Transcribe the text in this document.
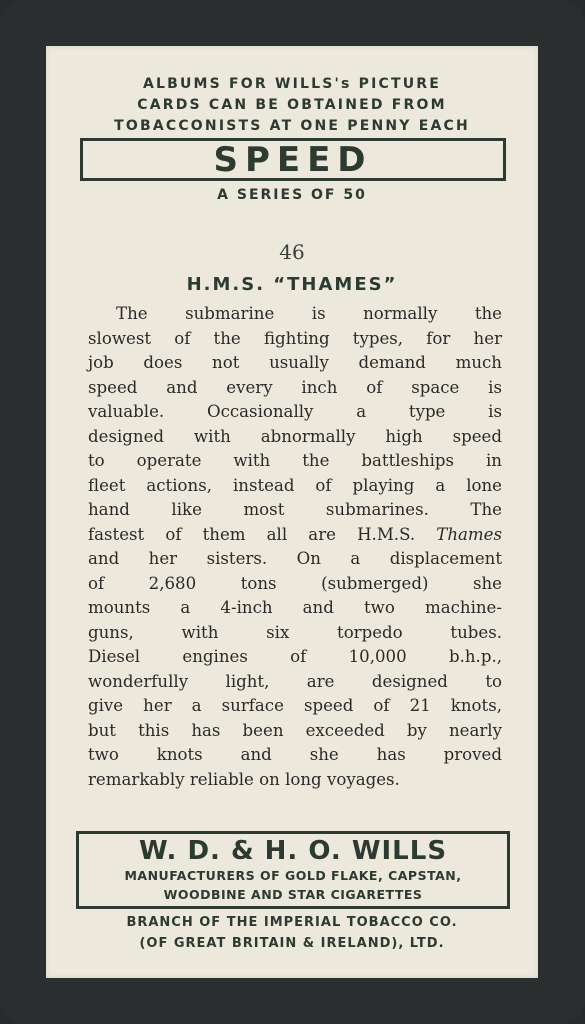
ALBUMS FOR WILLS's PICTURE
CARDS CAN BE OBTAINED FROM
TOBACCONISTS AT ONE PENNY EACH
SPEED
A SERIES OF 50
46
H.M.S. “THAMES”
The submarine is normally the
slowest of the fighting types, for her
job does not usually demand much
speed and every inch of space is
valuable. Occasionally a type is
designed with abnormally high speed
to operate with the battleships in
fleet actions, instead of playing a lone
hand like most submarines. The
fastest of them all are H.M.S. Thames
and her sisters. On a displacement
of 2,680 tons (submerged) she
mounts a 4-inch and two machine-
guns, with six torpedo tubes.
Diesel engines of 10,000 b.h.p.,
wonderfully light, are designed to
give her a surface speed of 21 knots,
but this has been exceeded by nearly
two knots and she has proved
remarkably reliable on long voyages.
W. D. & H. O. WILLS
MANUFACTURERS OF GOLD FLAKE, CAPSTAN,
WOODBINE AND STAR CIGARETTES
BRANCH OF THE IMPERIAL TOBACCO CO.
(OF GREAT BRITAIN & IRELAND), LTD.
